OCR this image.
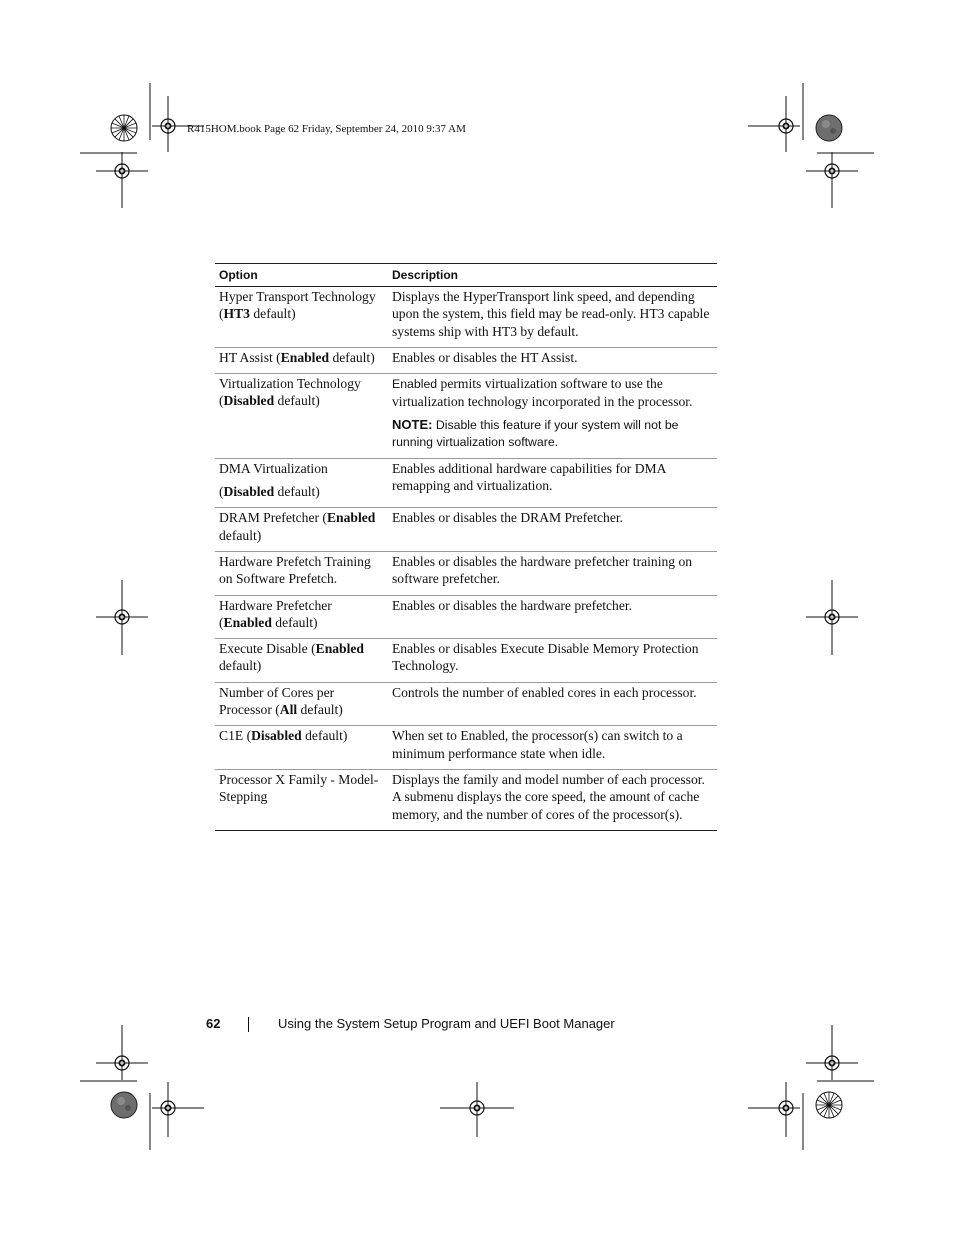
R415HOM.book Page 62 Friday, September 24, 2010 9:37 AM
Option	Description
Hyper Transport Technology (HT3 default)	Displays the HyperTransport link speed, and depending upon the system, this field may be read-only. HT3 capable systems ship with HT3 by default.
HT Assist (Enabled default)	Enables or disables the HT Assist.
Virtualization Technology (Disabled default)	Enabled permits virtualization software to use the virtualization technology incorporated in the processor.
NOTE: Disable this feature if your system will not be running virtualization software.

DMA Virtualization
(Disabled default)	Enables additional hardware capabilities for DMA remapping and virtualization.
DRAM Prefetcher (Enabled default)	Enables or disables the DRAM Prefetcher.
Hardware Prefetch Training on Software Prefetch.	Enables or disables the hardware prefetcher training on software prefetcher.
Hardware Prefetcher (Enabled default)	Enables or disables the hardware prefetcher.
Execute Disable (Enabled default)	Enables or disables Execute Disable Memory Protection Technology.
Number of Cores per Processor (All default)	Controls the number of enabled cores in each processor.
C1E (Disabled default)	When set to Enabled, the processor(s) can switch to a minimum performance state when idle.
Processor X Family - Model-Stepping	Displays the family and model number of each processor. A submenu displays the core speed, the amount of cache memory, and the number of cores of the processor(s).
62	Using the System Setup Program and UEFI Boot Manager
